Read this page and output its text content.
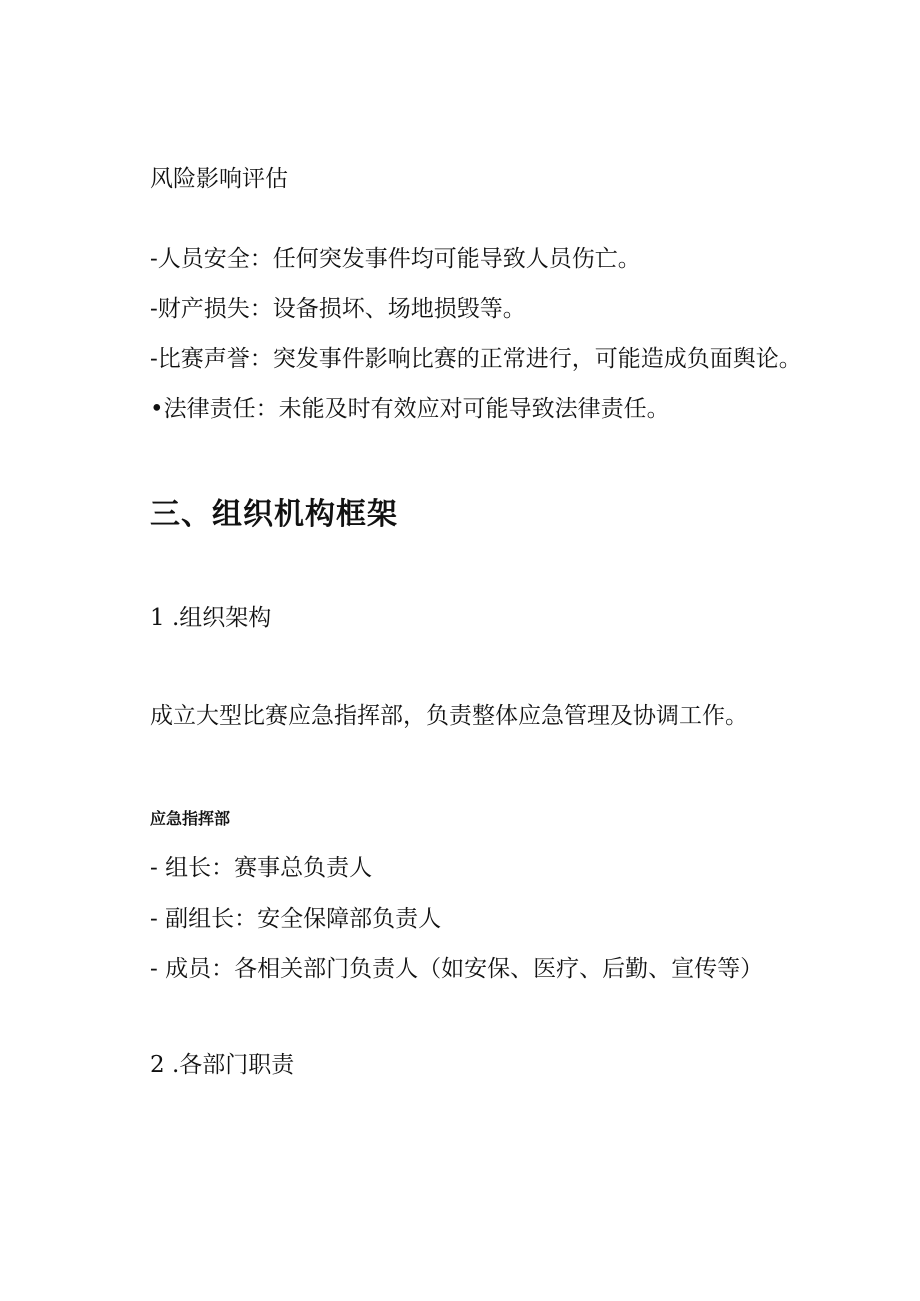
风险影响评估

-人员安全：任何突发事件均可能导致人员伤亡。

-财产损失：设备损坏、场地损毁等。

-比赛声誉：突发事件影响比赛的正常进行，可能造成负面舆论。

•法律责任：未能及时有效应对可能导致法律责任。

三、组织机构框架

1 .组织架构

成立大型比赛应急指挥部，负责整体应急管理及协调工作。

应急指挥部

- 组长：赛事总负责人

- 副组长：安全保障部负责人

- 成员：各相关部门负责人（如安保、医疗、后勤、宣传等）

2 .各部门职责
